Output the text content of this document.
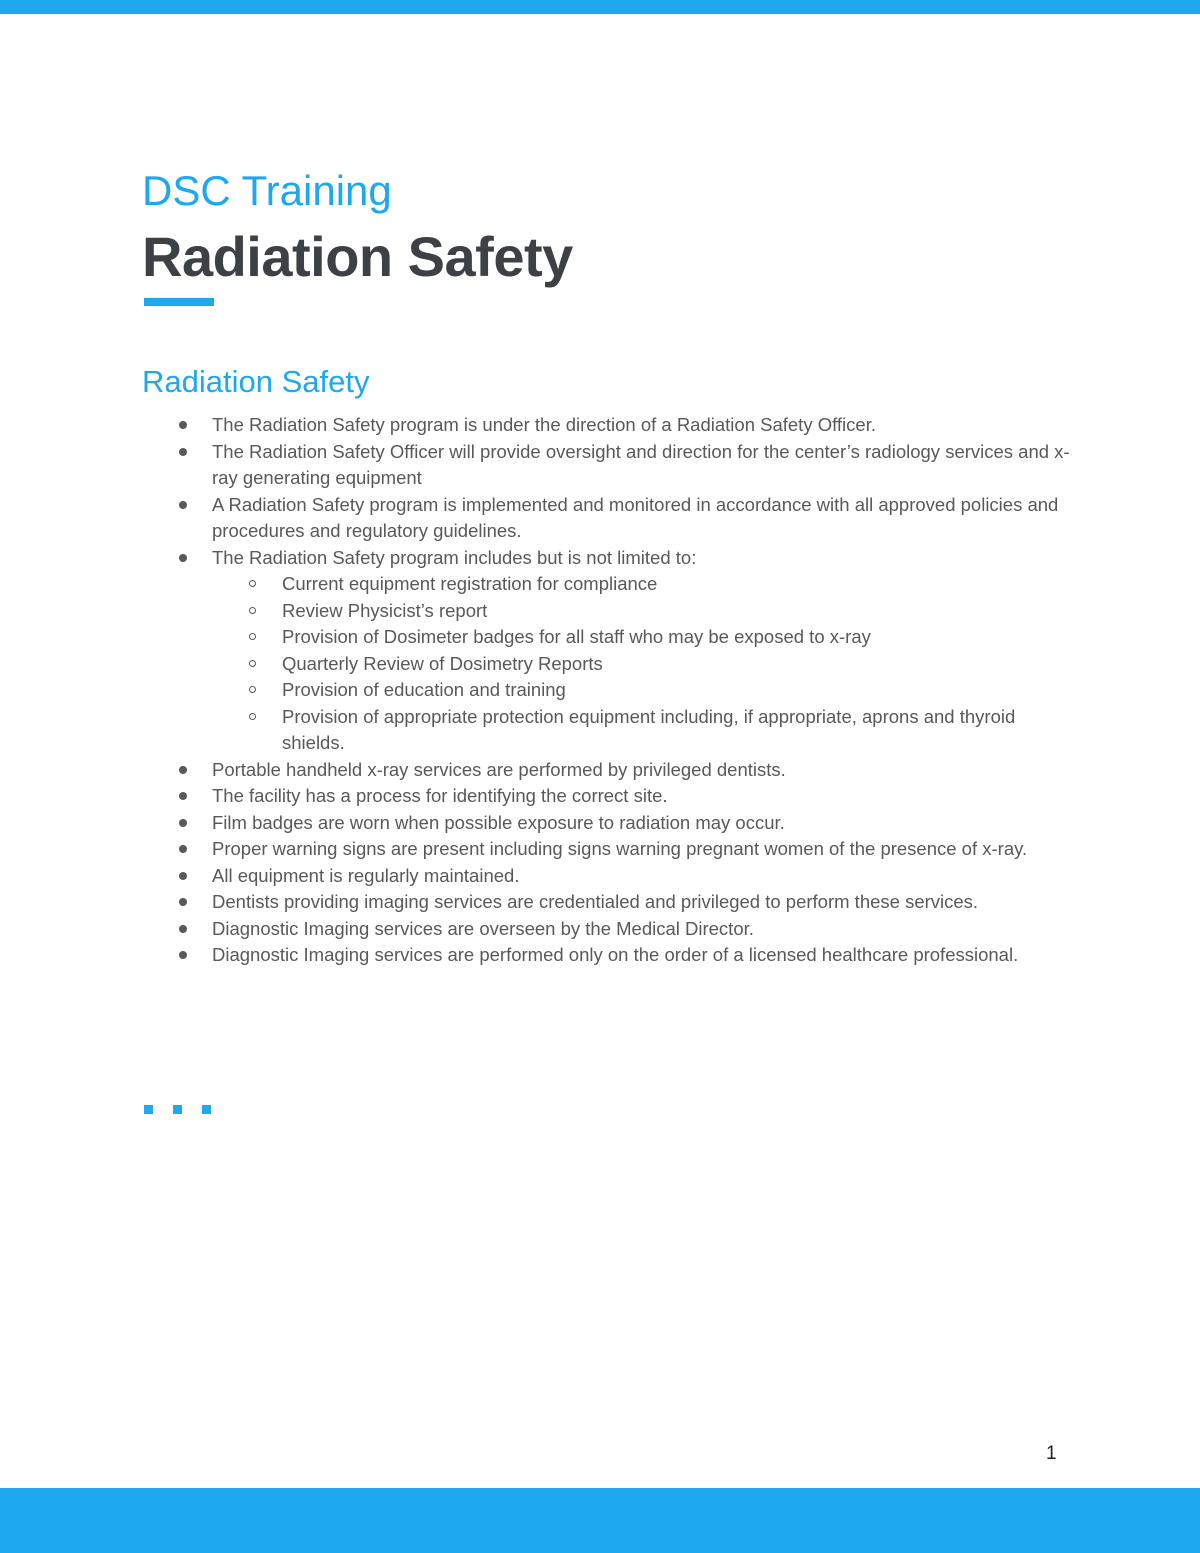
DSC Training
Radiation Safety
Radiation Safety
The Radiation Safety program is under the direction of a Radiation Safety Officer.
The Radiation Safety Officer will provide oversight and direction for the center’s radiology services and x-ray generating equipment
A Radiation Safety program is implemented and monitored in accordance with all approved policies and procedures and regulatory guidelines.
The Radiation Safety program includes but is not limited to:
Current equipment registration for compliance
Review Physicist’s report
Provision of Dosimeter badges for all staff who may be exposed to x-ray
Quarterly Review of Dosimetry Reports
Provision of education and training
Provision of appropriate protection equipment including, if appropriate, aprons and thyroid shields.
Portable handheld x-ray services are performed by privileged dentists.
The facility has a process for identifying the correct site.
Film badges are worn when possible exposure to radiation may occur.
Proper warning signs are present including signs warning pregnant women of the presence of x-ray.
All equipment is regularly maintained.
Dentists providing imaging services are credentialed and privileged to perform these services.
Diagnostic Imaging services are overseen by the Medical Director.
Diagnostic Imaging services are performed only on the order of a licensed healthcare professional.
1
